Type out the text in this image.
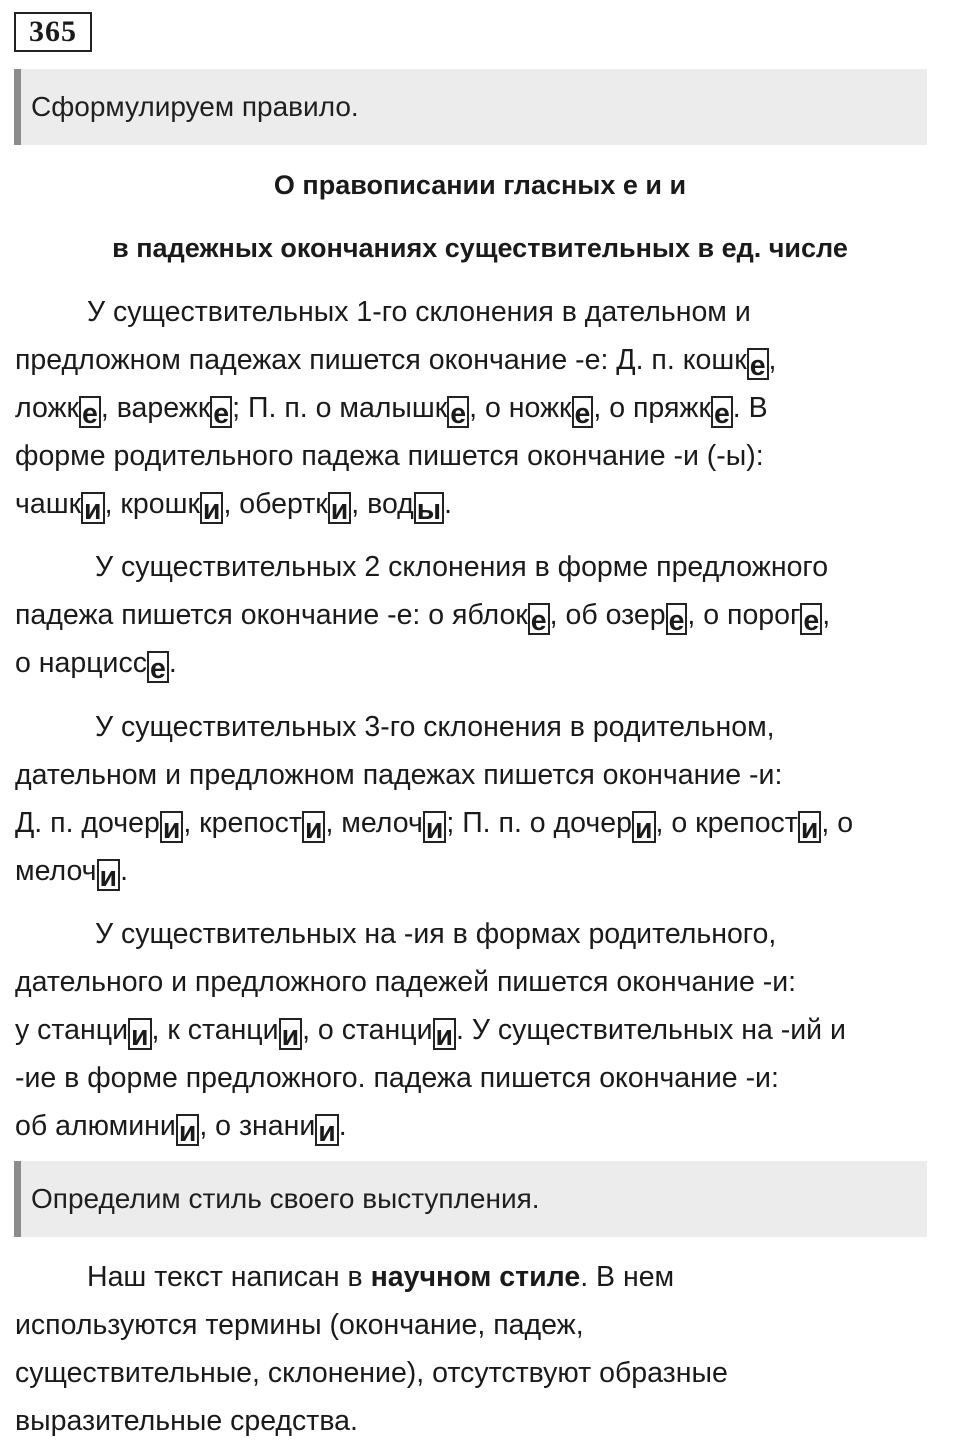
365
Сформулируем правило.
О правописании гласных е и и
в падежных окончаниях существительных в ед. числе
У существительных 1-го склонения в дательном и
предложном падежах пишется окончание -е: Д. п. кошк е ,
ложк е , варежк е ; П. п. о малышк е , о ножк е , о пряжк е . В
форме родительного падежа пишется окончание -и (-ы):
чашк и , крошк и , обертк и , вод ы .
У существительных 2 склонения в форме предложного
падежа пишется окончание -е: о яблок е , об озер е , о порог е ,
о нарцисс е .
У существительных 3-го склонения в родительном,
дательном и предложном падежах пишется окончание -и:
Д. п. дочер и , крепост и , мелоч и ; П. п. о дочер и , о крепост и , о
мелоч и .
У существительных на -ия в формах родительного,
дательного и предложного падежей пишется окончание -и:
у станци и , к станци и , о станци и . У существительных на -ий и
-ие в форме предложного. падежа пишется окончание -и:
об алюмини и , о знани и .
Определим стиль своего выступления.
Наш текст написан в научном стиле. В нем
используются термины (окончание, падеж,
существительные, склонение), отсутствуют образные
выразительные средства.
